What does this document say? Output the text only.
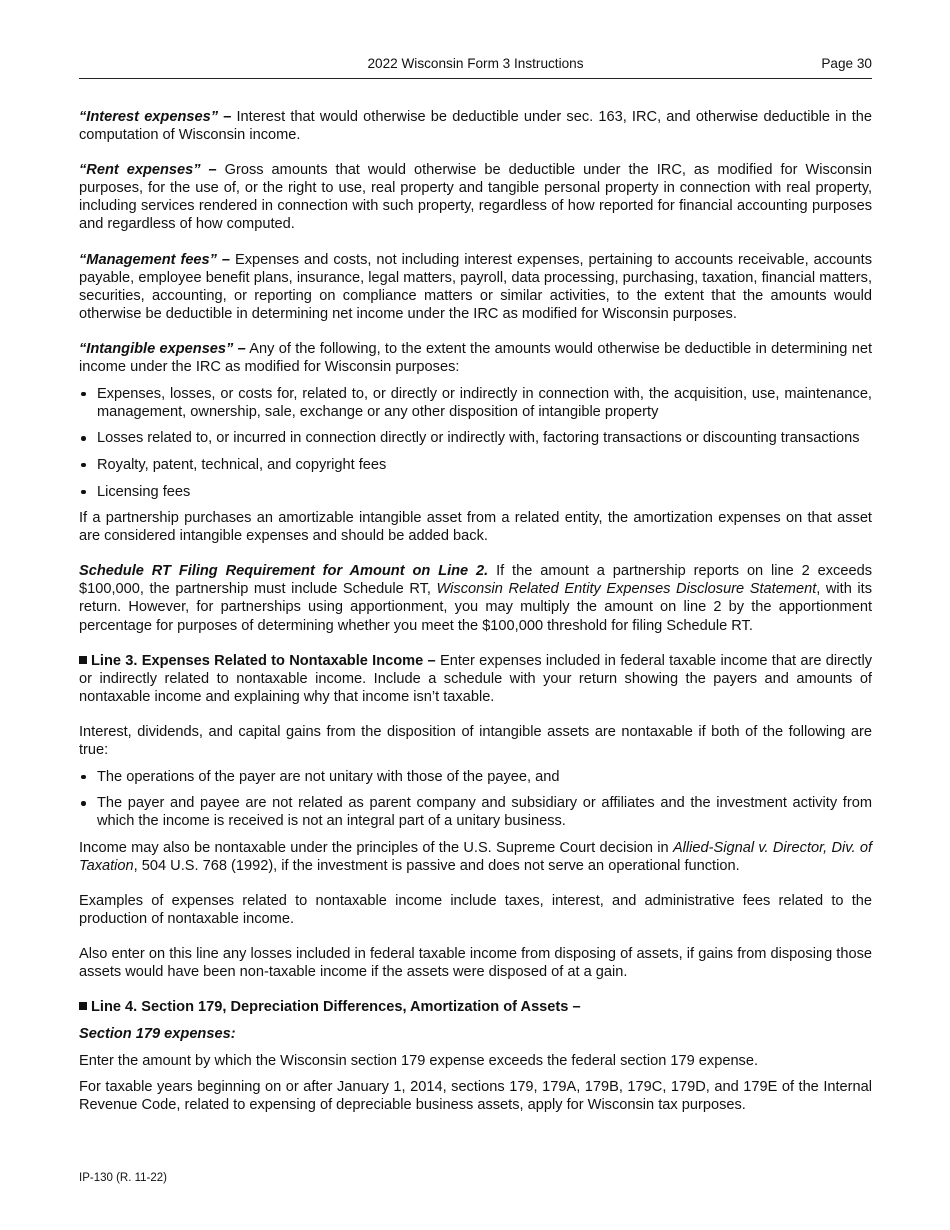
2022 Wisconsin Form 3 Instructions	Page 30

“Interest expenses” – Interest that would otherwise be deductible under sec. 163, IRC, and otherwise deductible in the computation of Wisconsin income.

“Rent expenses” – Gross amounts that would otherwise be deductible under the IRC, as modified for Wisconsin purposes, for the use of, or the right to use, real property and tangible personal property in connection with real property, including services rendered in connection with such property, regardless of how reported for financial accounting purposes and regardless of how computed.

“Management fees” – Expenses and costs, not including interest expenses, pertaining to accounts receivable, accounts payable, employee benefit plans, insurance, legal matters, payroll, data processing, purchasing, taxation, financial matters, securities, accounting, or reporting on compliance matters or similar activities, to the extent that the amounts would otherwise be deductible in determining net income under the IRC as modified for Wisconsin purposes.

“Intangible expenses” – Any of the following, to the extent the amounts would otherwise be deductible in determining net income under the IRC as modified for Wisconsin purposes:

Expenses, losses, or costs for, related to, or directly or indirectly in connection with, the acquisition, use, maintenance, management, ownership, sale, exchange or any other disposition of intangible property
Losses related to, or incurred in connection directly or indirectly with, factoring transactions or discounting transactions
Royalty, patent, technical, and copyright fees
Licensing fees

If a partnership purchases an amortizable intangible asset from a related entity, the amortization expenses on that asset are considered intangible expenses and should be added back.

Schedule RT Filing Requirement for Amount on Line 2. If the amount a partnership reports on line 2 exceeds $100,000, the partnership must include Schedule RT, Wisconsin Related Entity Expenses Disclosure Statement, with its return. However, for partnerships using apportionment, you may multiply the amount on line 2 by the apportionment percentage for purposes of determining whether you meet the $100,000 threshold for filing Schedule RT.

Line 3. Expenses Related to Nontaxable Income – Enter expenses included in federal taxable income that are directly or indirectly related to nontaxable income. Include a schedule with your return showing the payers and amounts of nontaxable income and explaining why that income isn’t taxable.

Interest, dividends, and capital gains from the disposition of intangible assets are nontaxable if both of the following are true:

The operations of the payer are not unitary with those of the payee, and
The payer and payee are not related as parent company and subsidiary or affiliates and the investment activity from which the income is received is not an integral part of a unitary business.

Income may also be nontaxable under the principles of the U.S. Supreme Court decision in Allied-Signal v. Director, Div. of Taxation, 504 U.S. 768 (1992), if the investment is passive and does not serve an operational function.

Examples of expenses related to nontaxable income include taxes, interest, and administrative fees related to the production of nontaxable income.

Also enter on this line any losses included in federal taxable income from disposing of assets, if gains from disposing those assets would have been non-taxable income if the assets were disposed of at a gain.

Line 4. Section 179, Depreciation Differences, Amortization of Assets –

Section 179 expenses:

Enter the amount by which the Wisconsin section 179 expense exceeds the federal section 179 expense.

For taxable years beginning on or after January 1, 2014, sections 179, 179A, 179B, 179C, 179D, and 179E of the Internal Revenue Code, related to expensing of depreciable business assets, apply for Wisconsin tax purposes.

IP-130 (R. 11-22)
